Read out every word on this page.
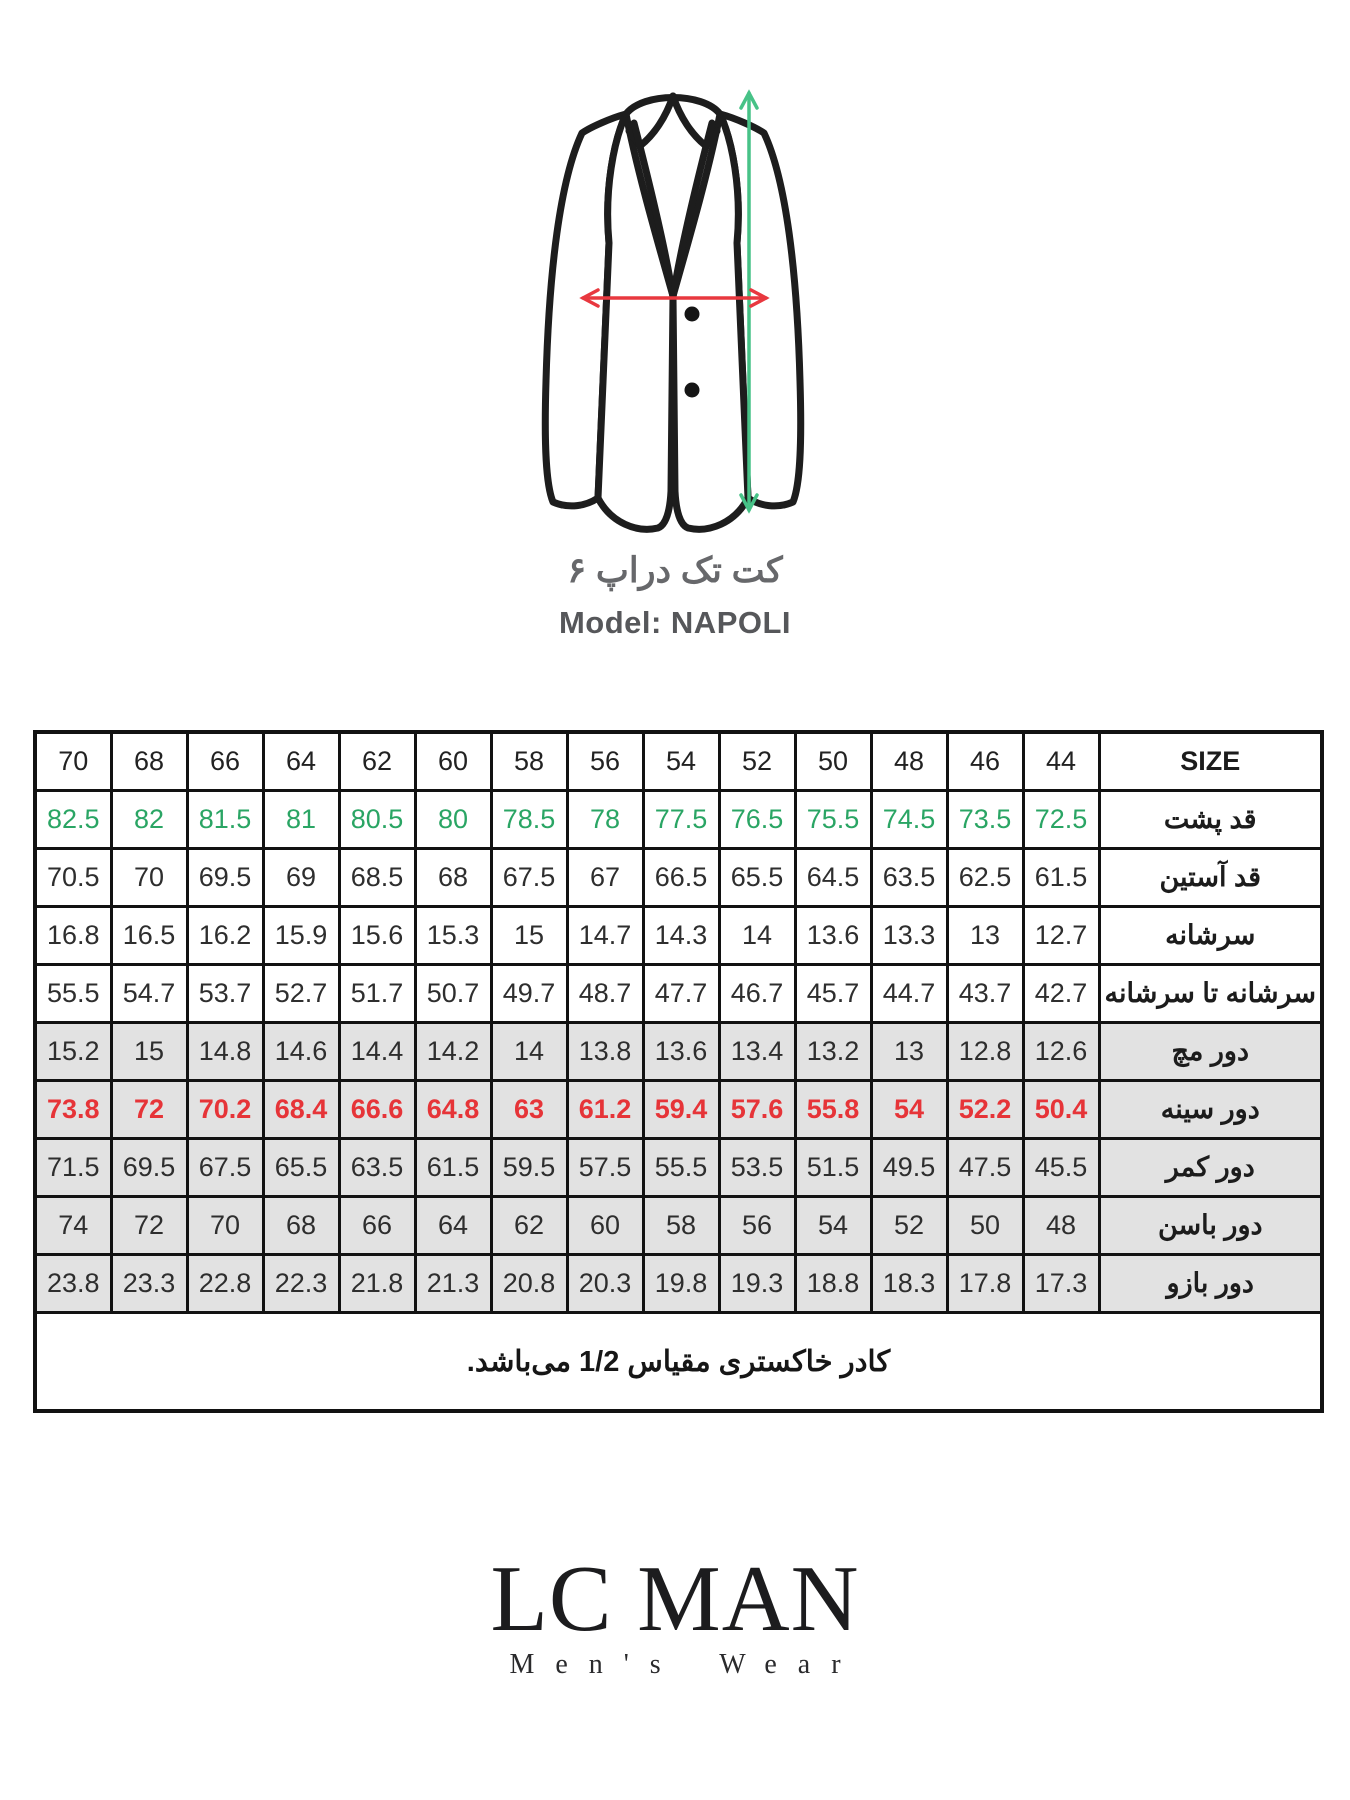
کت تک دراپ ۶
Model: NAPOLI
70	68	66	64	62	60	58	56	54	52	50	48	46	44	SIZE
82.5	82	81.5	81	80.5	80	78.5	78	77.5	76.5	75.5	74.5	73.5	72.5	قد پشت
70.5	70	69.5	69	68.5	68	67.5	67	66.5	65.5	64.5	63.5	62.5	61.5	قد آستین
16.8	16.5	16.2	15.9	15.6	15.3	15	14.7	14.3	14	13.6	13.3	13	12.7	سرشانه
55.5	54.7	53.7	52.7	51.7	50.7	49.7	48.7	47.7	46.7	45.7	44.7	43.7	42.7	سرشانه تا سرشانه
15.2	15	14.8	14.6	14.4	14.2	14	13.8	13.6	13.4	13.2	13	12.8	12.6	دور مچ
73.8	72	70.2	68.4	66.6	64.8	63	61.2	59.4	57.6	55.8	54	52.2	50.4	دور سینه
71.5	69.5	67.5	65.5	63.5	61.5	59.5	57.5	55.5	53.5	51.5	49.5	47.5	45.5	دور کمر
74	72	70	68	66	64	62	60	58	56	54	52	50	48	دور باسن
23.8	23.3	22.8	22.3	21.8	21.3	20.8	20.3	19.8	19.3	18.8	18.3	17.8	17.3	دور بازو
کادر خاکستری مقیاس 1/2 می‌باشد.														
LC MAN
Men's Wear
